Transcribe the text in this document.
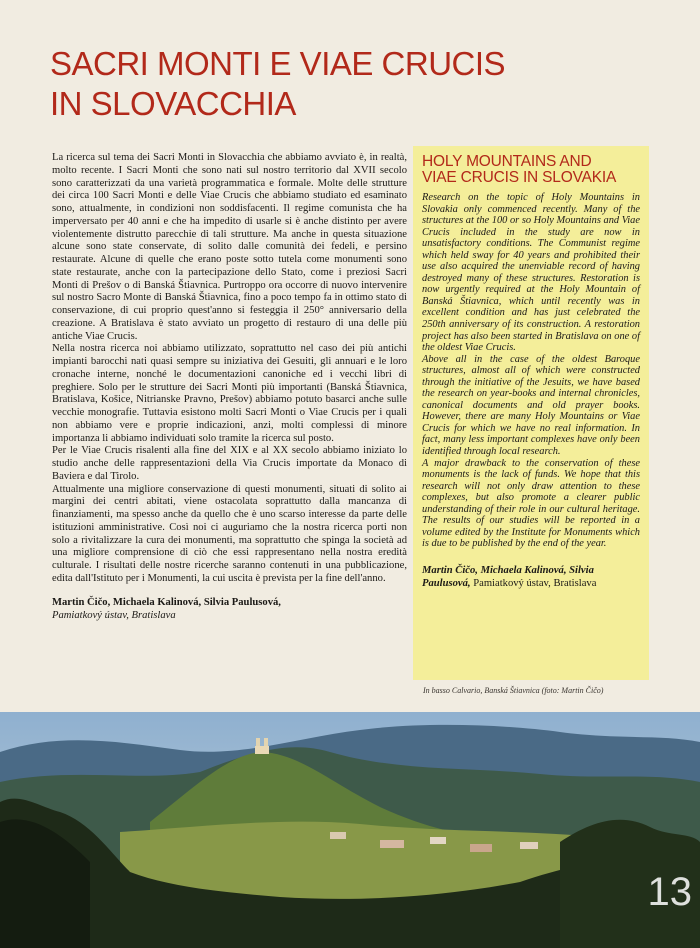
SACRI MONTI E VIAE CRUCIS
IN SLOVACCHIA

La ricerca sul tema dei Sacri Monti in Slovacchia che abbiamo avviato è, in realtà, molto recente. I Sacri Monti che sono nati sul nostro territorio dal XVII secolo sono caratterizzati da una varietà programmatica e formale. Molte delle strutture dei circa 100 Sacri Monti e delle Viae Crucis che abbiamo studiato ed esaminato sono, attualmente, in condizioni non soddisfacenti. Il regime comunista che ha imperversato per 40 anni e che ha impedito di usarle si è anche distinto per avere violentemente distrutto parecchie di tali strutture. Ma anche in questa situazione alcune sono state conservate, di solito dalle comunità dei fedeli, e persino restaurate. Alcune di quelle che erano poste sotto tutela come monumenti sono state restaurate, anche con la partecipazione dello Stato, come i preziosi Sacri Monti di Prešov o di Banská Štiavnica. Purtroppo ora occorre di nuovo intervenire sul nostro Sacro Monte di Banská Štiavnica, fino a poco tempo fa in ottimo stato di conservazione, di cui proprio quest'anno si festeggia il 250° anniversario della creazione. A Bratislava è stato avviato un progetto di restauro di una delle più antiche Viae Crucis.

Nella nostra ricerca noi abbiamo utilizzato, soprattutto nel caso dei più antichi impianti barocchi nati quasi sempre su iniziativa dei Gesuiti, gli annuari e le loro cronache interne, nonché le documentazioni canoniche ed i vecchi libri di preghiere. Solo per le strutture dei Sacri Monti più importanti (Banská Štiavnica, Bratislava, Košice, Nitrianske Pravno, Prešov) abbiamo potuto basarci anche sulle vecchie monografie. Tuttavia esistono molti Sacri Monti o Viae Crucis per i quali non abbiamo vere e proprie indicazioni, anzi, molti complessi di minore importanza li abbiamo individuati solo tramite la ricerca sul posto.

Per le Viae Crucis risalenti alla fine del XIX e al XX secolo abbiamo iniziato lo studio anche delle rappresentazioni della Via Crucis importate da Monaco di Baviera e dal Tirolo.

Attualmente una migliore conservazione di questi monumenti, situati di solito ai margini dei centri abitati, viene ostacolata soprattutto dalla mancanza di finanziamenti, ma spesso anche da quello che è uno scarso interesse da parte delle istituzioni amministrative. Così noi ci auguriamo che la nostra ricerca porti non solo a rivitalizzare la cura dei monumenti, ma soprattutto che spinga la società ad una migliore comprensione di ciò che essi rappresentano nella nostra eredità culturale. I risultati delle nostre ricerche saranno contenuti in una pubblicazione, edita dall'Istituto per i Monumenti, la cui uscita è prevista per la fine dell'anno.

Martin Čičo, Michaela Kalinová, Silvia Paulusová,
Pamiatkový ústav, Bratislava
HOLY MOUNTAINS AND
VIAE CRUCIS IN SLOVAKIA

Research on the topic of Holy Mountains in Slovakia only commenced recently. Many of the structures at the 100 or so Holy Mountains and Viae Crucis included in the study are now in unsatisfactory conditions. The Communist regime which held sway for 40 years and prohibited their use also acquired the unenviable record of having destroyed many of these structures. Restoration is now urgently required at the Holy Mountain of Banská Štiavnica, which until recently was in excellent condition and has just celebrated the 250th anniversary of its construction. A restoration project has also been started in Bratislava on one of the oldest Viae Crucis.

Above all in the case of the oldest Baroque structures, almost all of which were constructed through the initiative of the Jesuits, we have based the research on year-books and internal chronicles, canonical documents and old prayer books. However, there are many Holy Mountains or Viae Crucis for which we have no real information. In fact, many less important complexes have only been identified through local research.

A major drawback to the conservation of these monuments is the lack of funds. We hope that this research will not only draw attention to these complexes, but also promote a clearer public understanding of their role in our cultural heritage. The results of our studies will be reported in a volume edited by the Institute for Monuments which is due to be published by the end of the year.

Martin Čičo, Michaela Kalinová, Silvia Paulusová, Pamiatkový ústav, Bratislava
In basso Calvario, Banská Štiavnica (foto: Martin Čičo)
13
